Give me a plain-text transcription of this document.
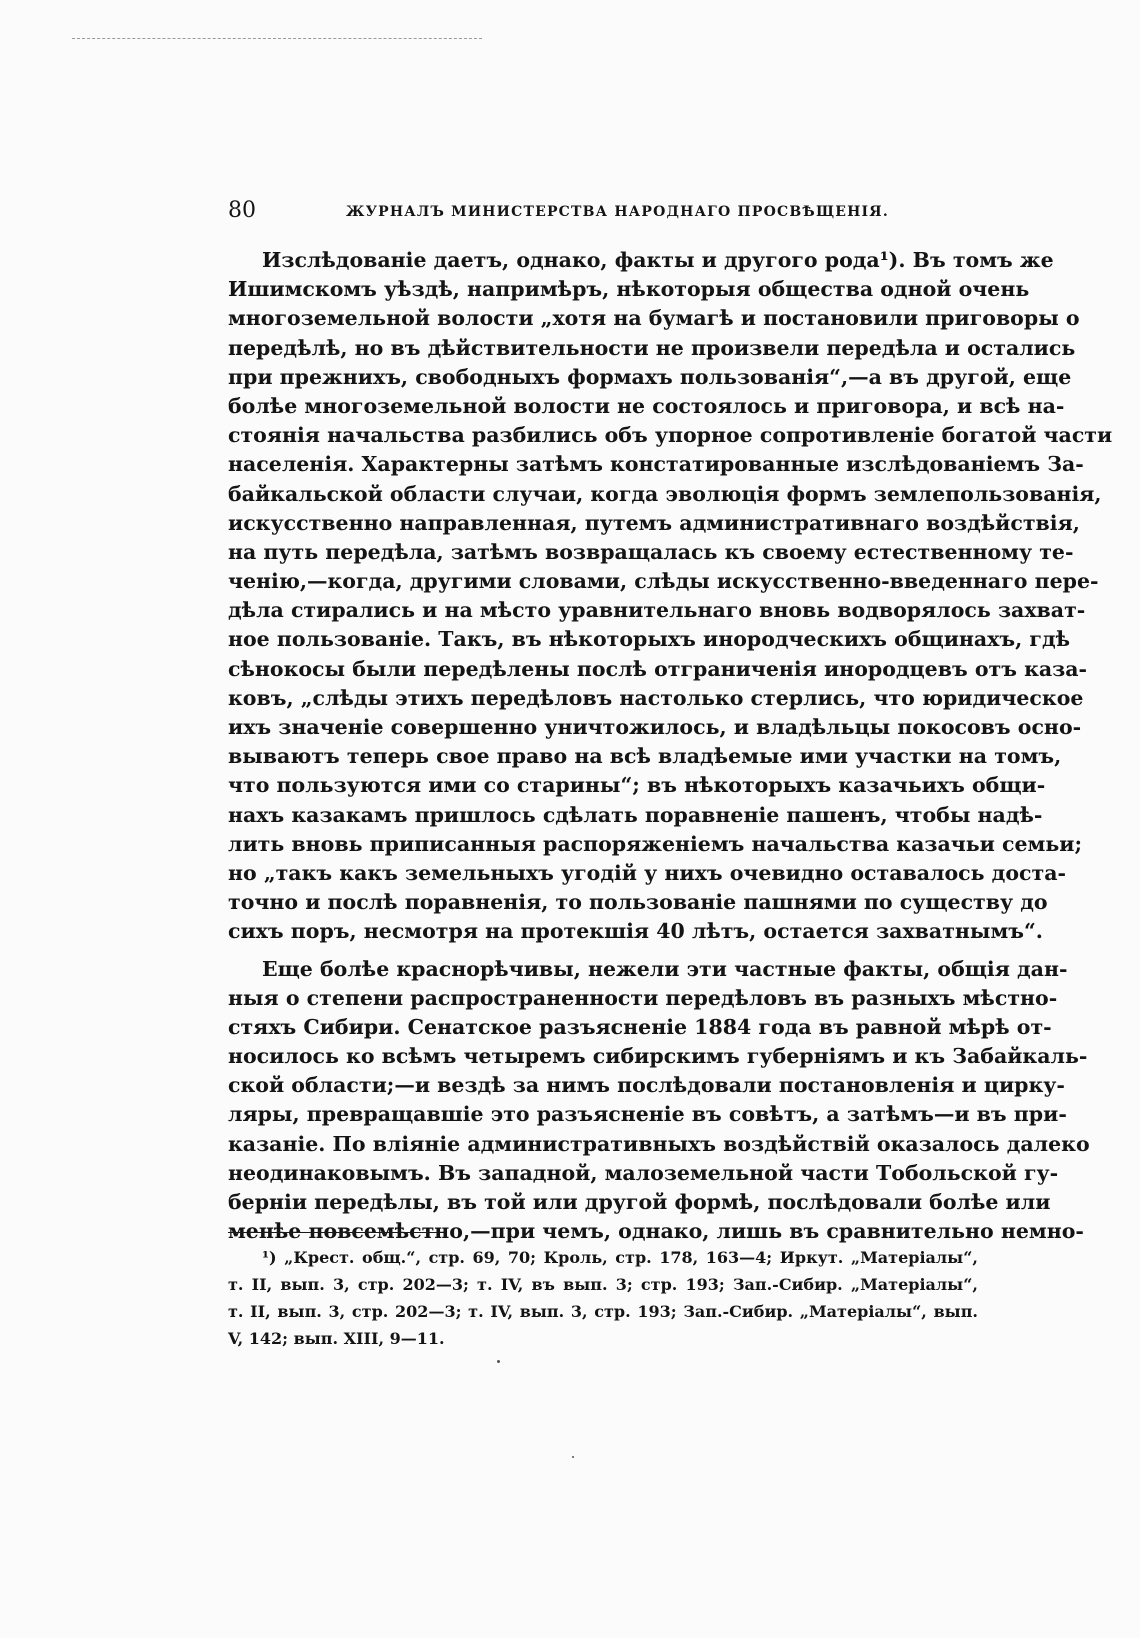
80	ЖУРНАЛЪ МИНИСТЕРСТВА НАРОДНАГО ПРОСВѢЩЕНІЯ.
Изслѣдованіе даетъ, однако, факты и другого рода¹). Въ томъ же
Ишимскомъ уѣздѣ, напримѣръ, нѣкоторыя общества одной очень
многоземельной волости „хотя на бумагѣ и постановили приговоры о
передѣлѣ, но въ дѣйствительности не произвели передѣла и остались
при прежнихъ, свободныхъ формахъ пользованія“,—а въ другой, еще
болѣе многоземельной волости не состоялось и приговора, и всѣ на-
стоянія начальства разбились объ упорное сопротивленіе богатой части
населенія. Характерны затѣмъ констатированные изслѣдованіемъ За-
байкальской области случаи, когда эволюція формъ землепользованія,
искусственно направленная, путемъ административнаго воздѣйствія,
на путь передѣла, затѣмъ возвращалась къ своему естественному те-
ченію,—когда, другими словами, слѣды искусственно-введеннаго пере-
дѣла стирались и на мѣсто уравнительнаго вновь водворялось захват-
ное пользованіе. Такъ, въ нѣкоторыхъ инородческихъ общинахъ, гдѣ
сѣнокосы были передѣлены послѣ отграниченія инородцевъ отъ каза-
ковъ, „слѣды этихъ передѣловъ настолько стерлись, что юридическое
ихъ значеніе совершенно уничтожилось, и владѣльцы покосовъ осно-
вываютъ теперь свое право на всѣ владѣемые ими участки на томъ,
что пользуются ими со старины“; въ нѣкоторыхъ казачьихъ общи-
нахъ казакамъ пришлось сдѣлать поравненіе пашенъ, чтобы надѣ-
лить вновь приписанныя распоряженіемъ начальства казачьи семьи;
но „такъ какъ земельныхъ угодій у нихъ очевидно оставалось доста-
точно и послѣ поравненія, то пользованіе пашнями по существу до
сихъ поръ, несмотря на протекшія 40 лѣтъ, остается захватнымъ“.
Еще болѣе краснорѣчивы, нежели эти частные факты, общія дан-
ныя о степени распространенности передѣловъ въ разныхъ мѣстно-
стяхъ Сибири. Сенатское разъясненіе 1884 года въ равной мѣрѣ от-
носилось ко всѣмъ четыремъ сибирскимъ губерніямъ и къ Забайкаль-
ской области;—и вездѣ за нимъ послѣдовали постановленія и цирку-
ляры, превращавшіе это разъясненіе въ совѣтъ, а затѣмъ—и въ при-
казаніе. По вліяніе административныхъ воздѣйствій оказалось далеко
неодинаковымъ. Въ западной, малоземельной части Тобольской гу-
берніи передѣлы, въ той или другой формѣ, послѣдовали болѣе или
менѣе повсемѣстно,—при чемъ, однако, лишь въ сравнительно немно-
¹) „Крест. общ.“, стр. 69, 70; Кроль, стр. 178, 163—4; Иркут. „Матеріалы“,
т. II, вып. 3, стр. 202—3; т. IV, въ вып. 3; стр. 193; Зап.-Сибир. „Матеріалы“,
т. II, вып. 3, стр. 202—3; т. IV, вып. 3, стр. 193; Зап.-Сибир. „Матеріалы“, вып.
V, 142; вып. XIII, 9—11.
